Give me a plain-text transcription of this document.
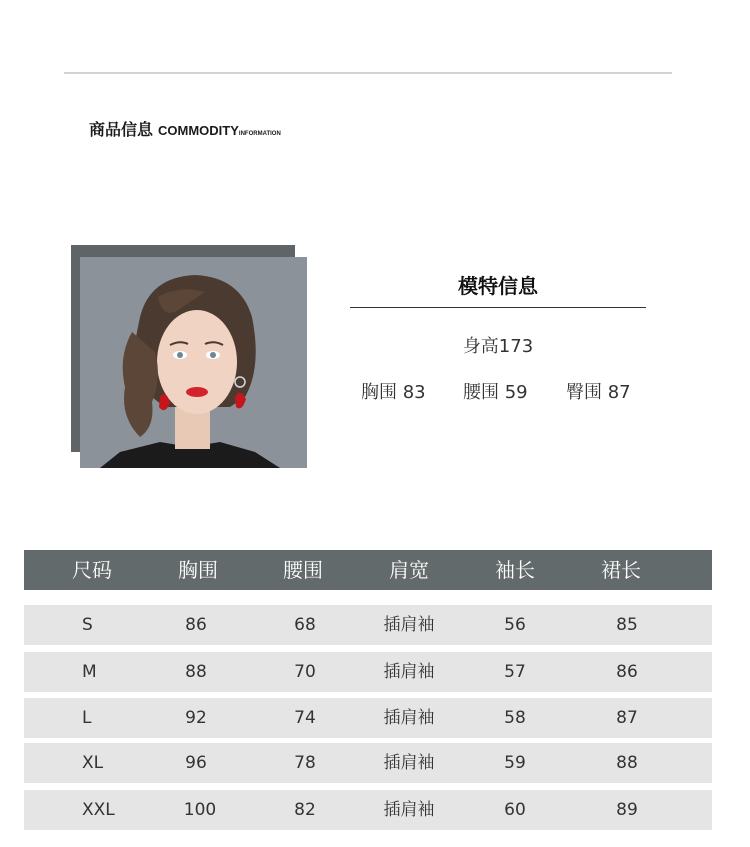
商品信息 COMMODITYINFORMATION
模特信息
身高173
胸围 83 腰围 59 臀围 87
尺码	胸围	腰围	肩宽	袖长	裙长
S	86	68	插肩袖	56	85
M	88	70	插肩袖	57	86
L	92	74	插肩袖	58	87
XL	96	78	插肩袖	59	88
XXL	100	82	插肩袖	60	89
